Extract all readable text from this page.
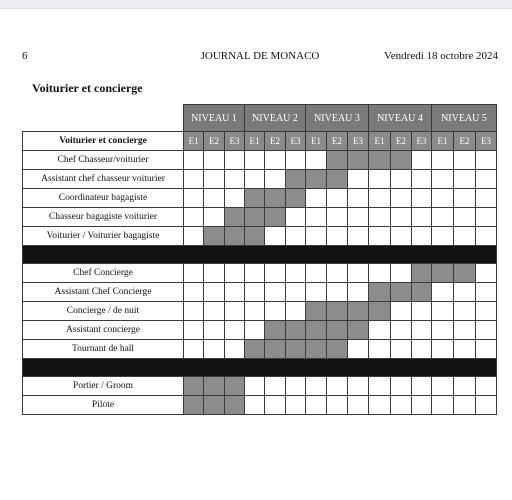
JOURNAL DE MONACO
6	Vendredi 18 octobre 2024
Voiturier et concierge
	NIVEAU 1			NIVEAU 2			NIVEAU 3			NIVEAU 4			NIVEAU 5		
Voiturier et concierge	E1	E2	E3	E1	E2	E3	E1	E2	E3	E1	E2	E3	E1	E2	E3
Chef Chasseur/voiturier															
Assistant chef chasseur voiturier															
Coordinateur bagagiste															
Chasseur bagagiste voiturier															
Voiturier / Voiturier bagagiste															

Chef Concierge															
Assistant Chef Concierge															
Concierge / de nuit															
Assistant concierge															
Tournant de hall															

Portier / Groom															
Pilote															
